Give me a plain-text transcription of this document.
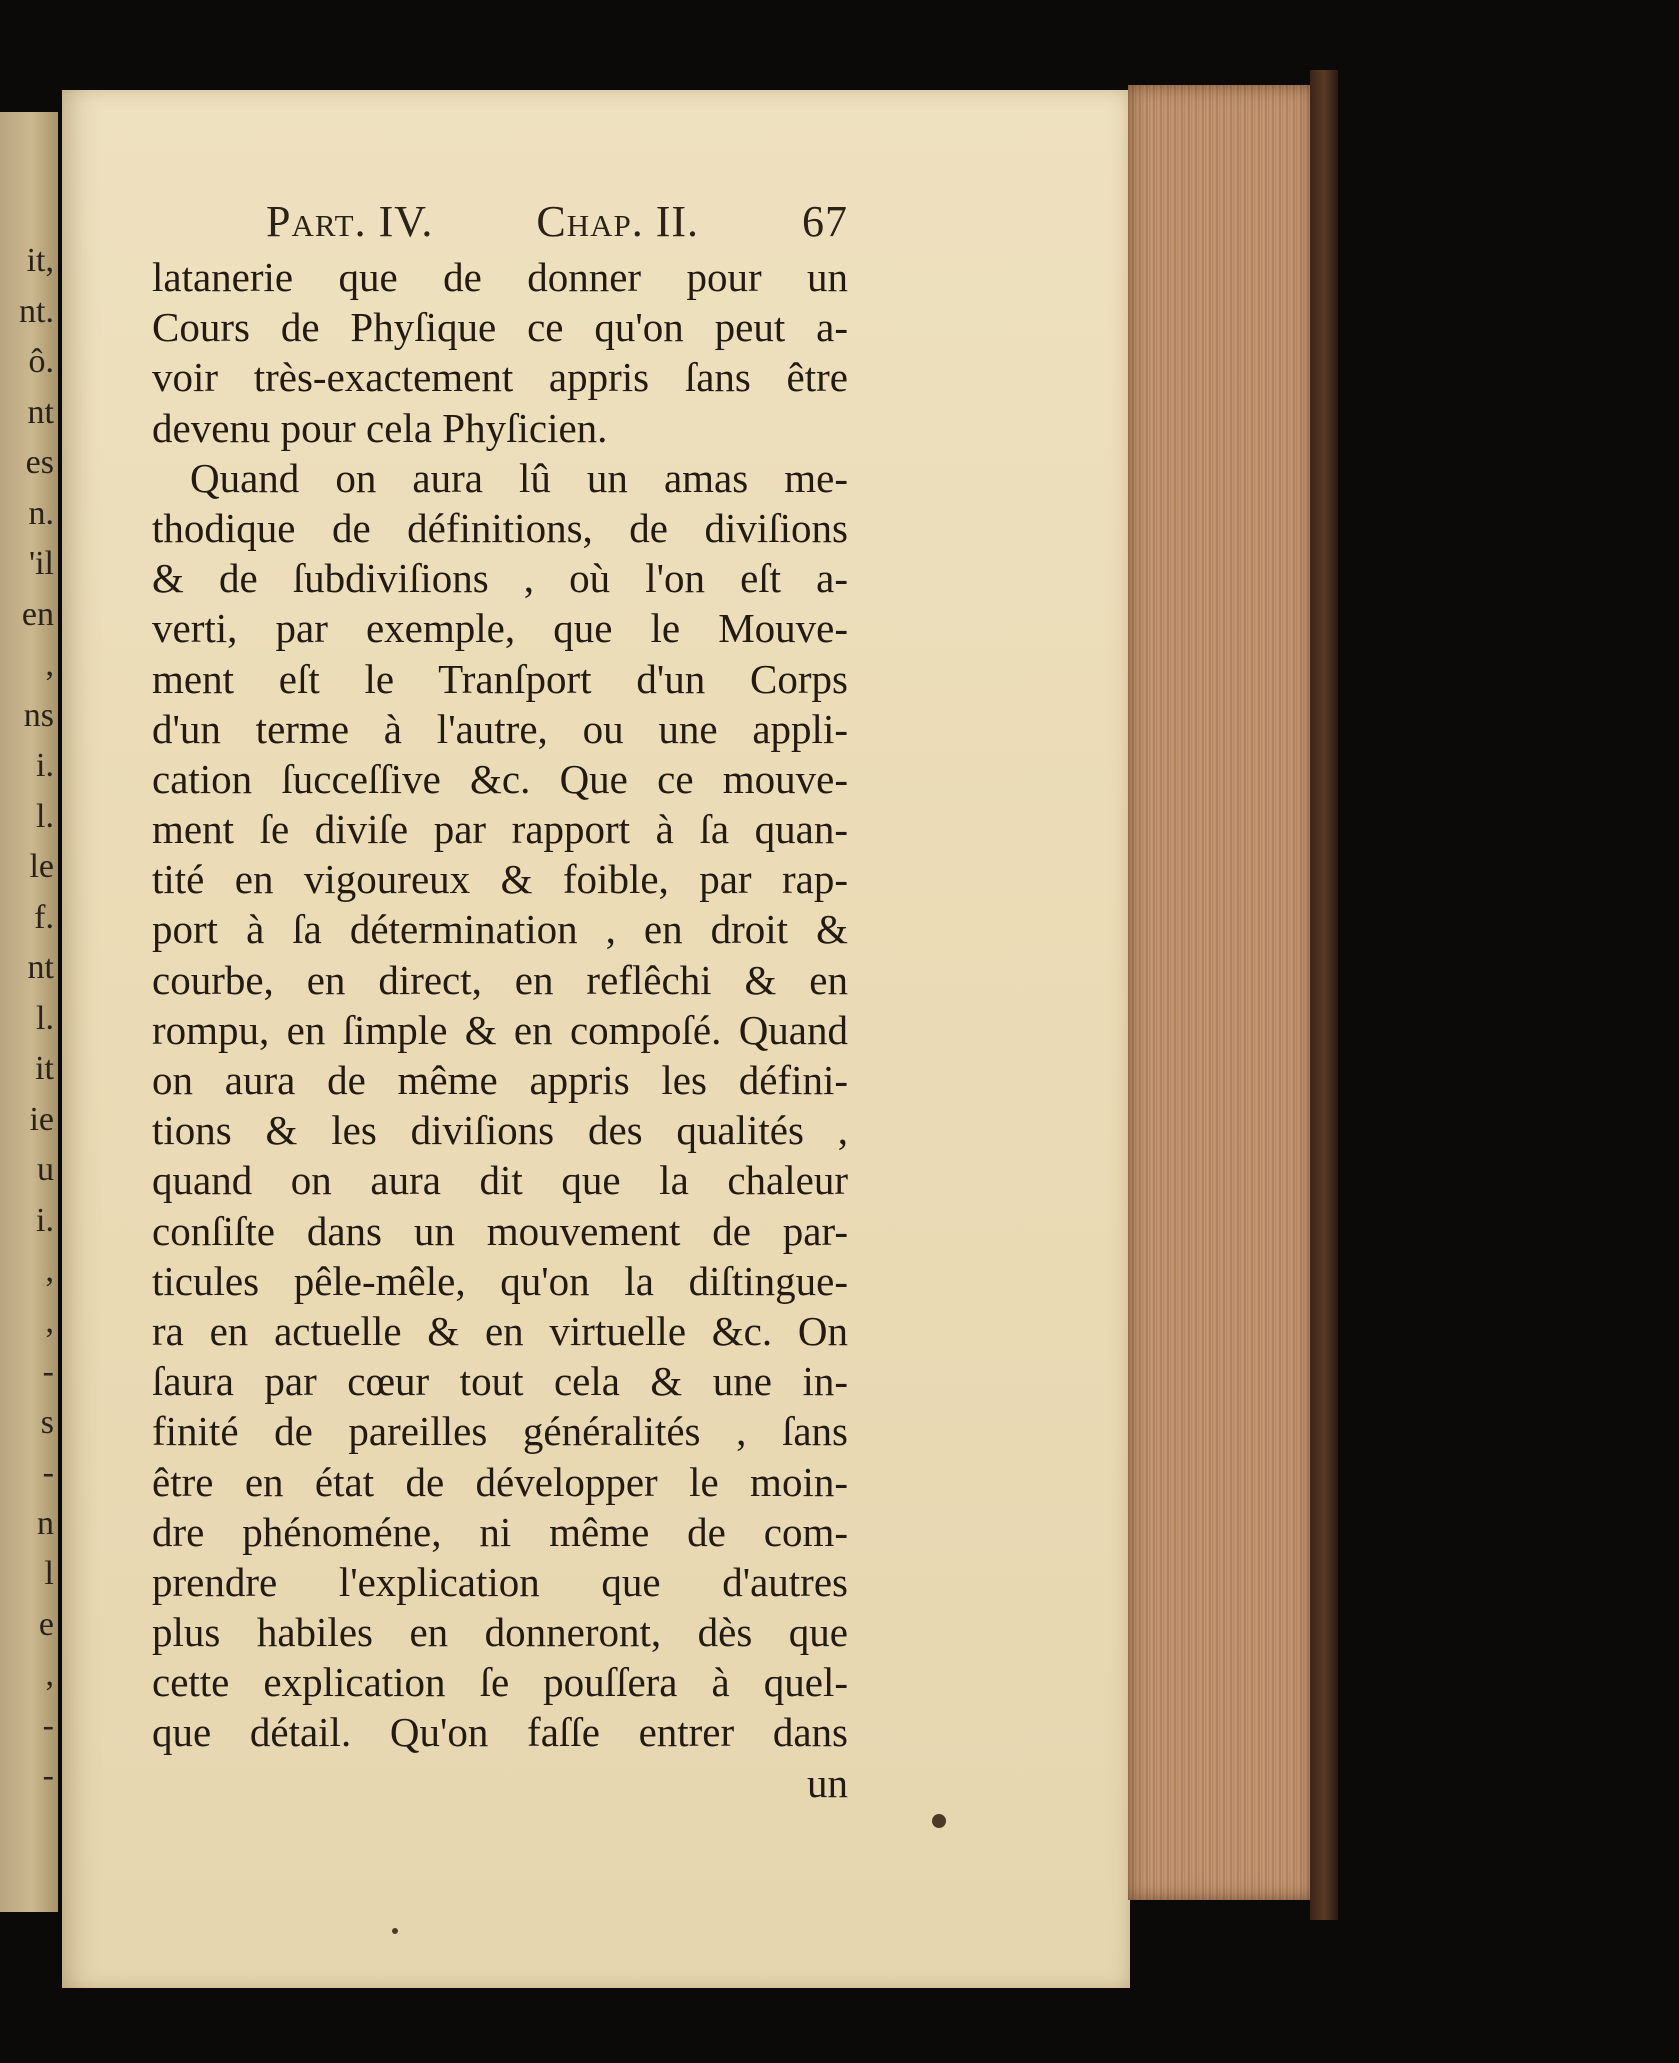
it,
nt.
ô.
nt
es
n.
'il
en
,
ns
i.
l.
le
f.
nt
l.
it
ie
u
i.
,
,
-
s
-
n
l
e
,
-
-
Part. IV. Chap. II. 67
latanerie que de donner pour un
Cours de Phyſique ce qu'on peut a-
voir très-exactement appris ſans être
devenu pour cela Phyſicien.
Quand on aura lû un amas me-
thodique de définitions, de diviſions
& de ſubdiviſions , où l'on eſt a-
verti, par exemple, que le Mouve-
ment eſt le Tranſport d'un Corps
d'un terme à l'autre, ou une appli-
cation ſucceſſive &c. Que ce mouve-
ment ſe diviſe par rapport à ſa quan-
tité en vigoureux & foible, par rap-
port à ſa détermination , en droit &
courbe, en direct, en reflêchi & en
rompu, en ſimple & en compoſé. Quand
on aura de même appris les défini-
tions & les diviſions des qualités ,
quand on aura dit que la chaleur
conſiſte dans un mouvement de par-
ticules pêle-mêle, qu'on la diſtingue-
ra en actuelle & en virtuelle &c. On
ſaura par cœur tout cela & une in-
finité de pareilles généralités , ſans
être en état de développer le moin-
dre phénoméne, ni même de com-
prendre l'explication que d'autres
plus habiles en donneront, dès que
cette explication ſe pouſſera à quel-
que détail. Qu'on faſſe entrer dans
un
